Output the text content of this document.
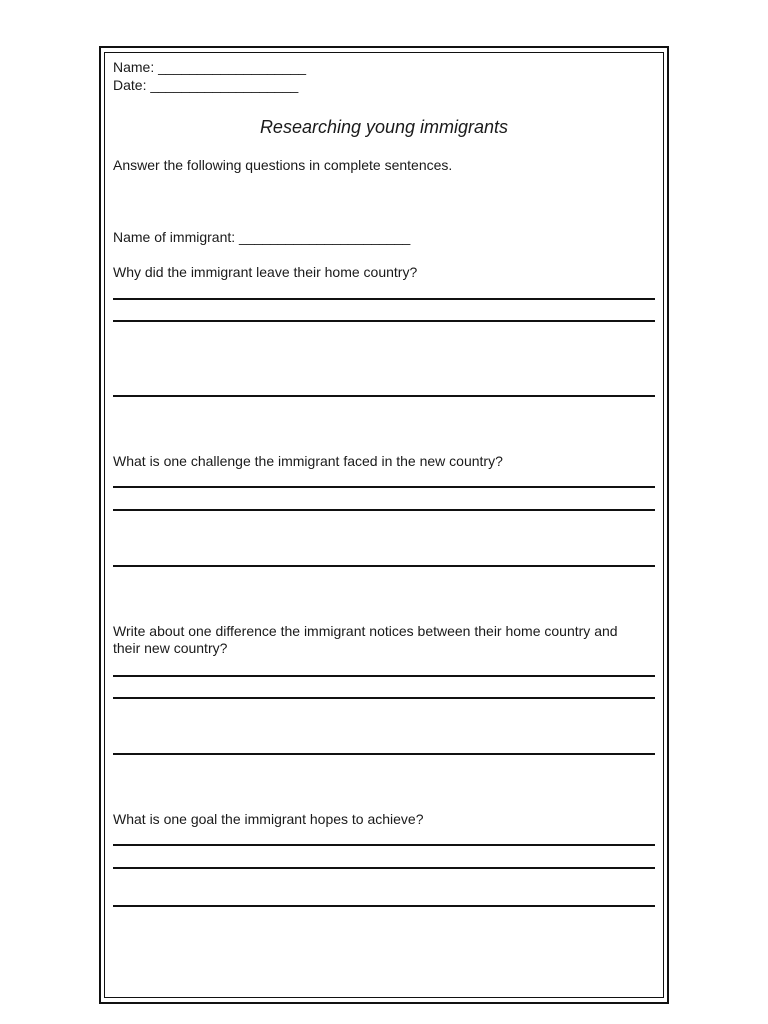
Name: ___________________
Date: ___________________
Researching young immigrants
Answer the following questions in complete sentences.
Name of immigrant: ______________________
Why did the immigrant leave their home country?
What is one challenge the immigrant faced in the new country?
Write about one difference the immigrant notices between their home country and their new country?
What is one goal the immigrant hopes to achieve?
